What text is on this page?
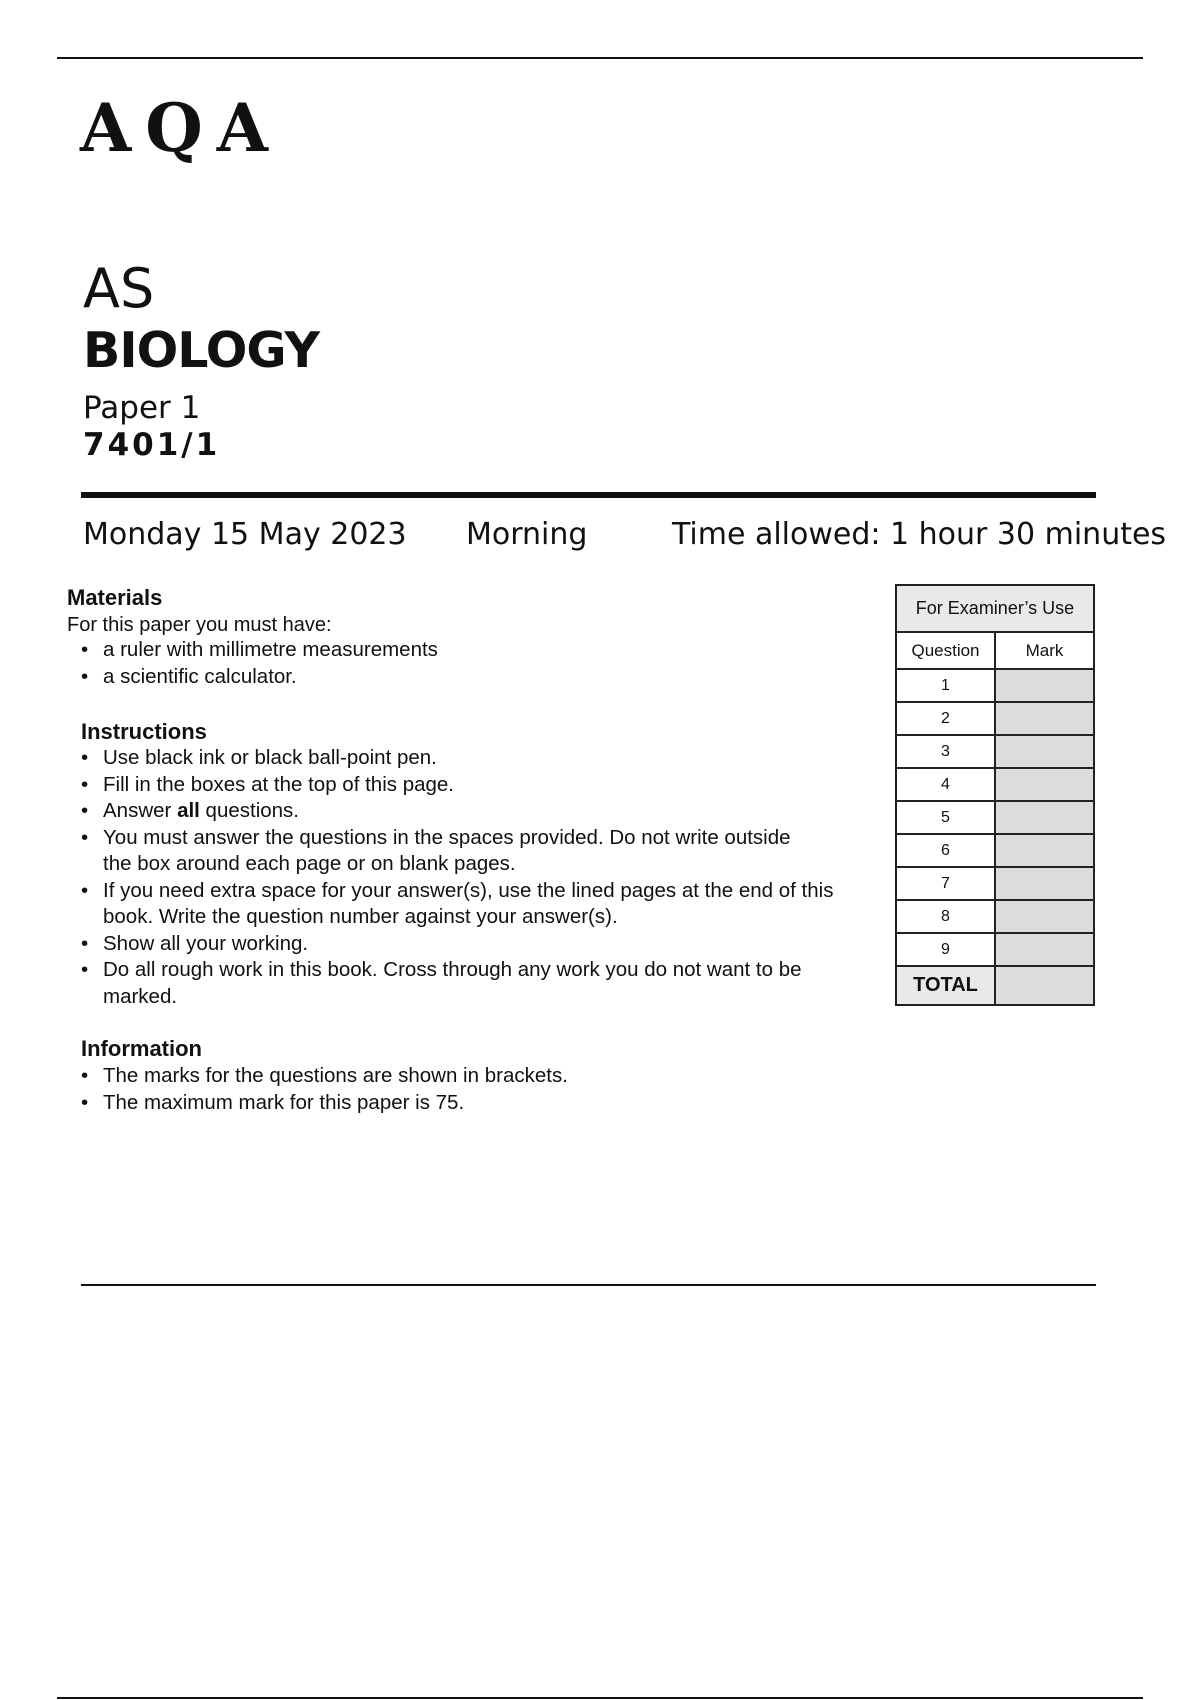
AQA
AS
BIOLOGY
Paper 1
7401/1
Monday 15 May 2023 Morning	Time allowed: 1 hour 30 minutes
Materials
For this paper you must have:
• a ruler with millimetre measurements
• a scientific calculator.
Instructions
• Use black ink or black ball-point pen.
• Fill in the boxes at the top of this page.
• Answer all questions.
• You must answer the questions in the spaces provided. Do not write outside the box around each page or on blank pages.
• If you need extra space for your answer(s), use the lined pages at the end of this book. Write the question number against your answer(s).
• Show all your working.
• Do all rough work in this book. Cross through any work you do not want to be marked.
Information
• The marks for the questions are shown in brackets.
• The maximum mark for this paper is 75.
For Examiner’s Use	
Question	Mark
1	
2	
3	
4	
5	
6	
7	
8	
9	
TOTAL	
